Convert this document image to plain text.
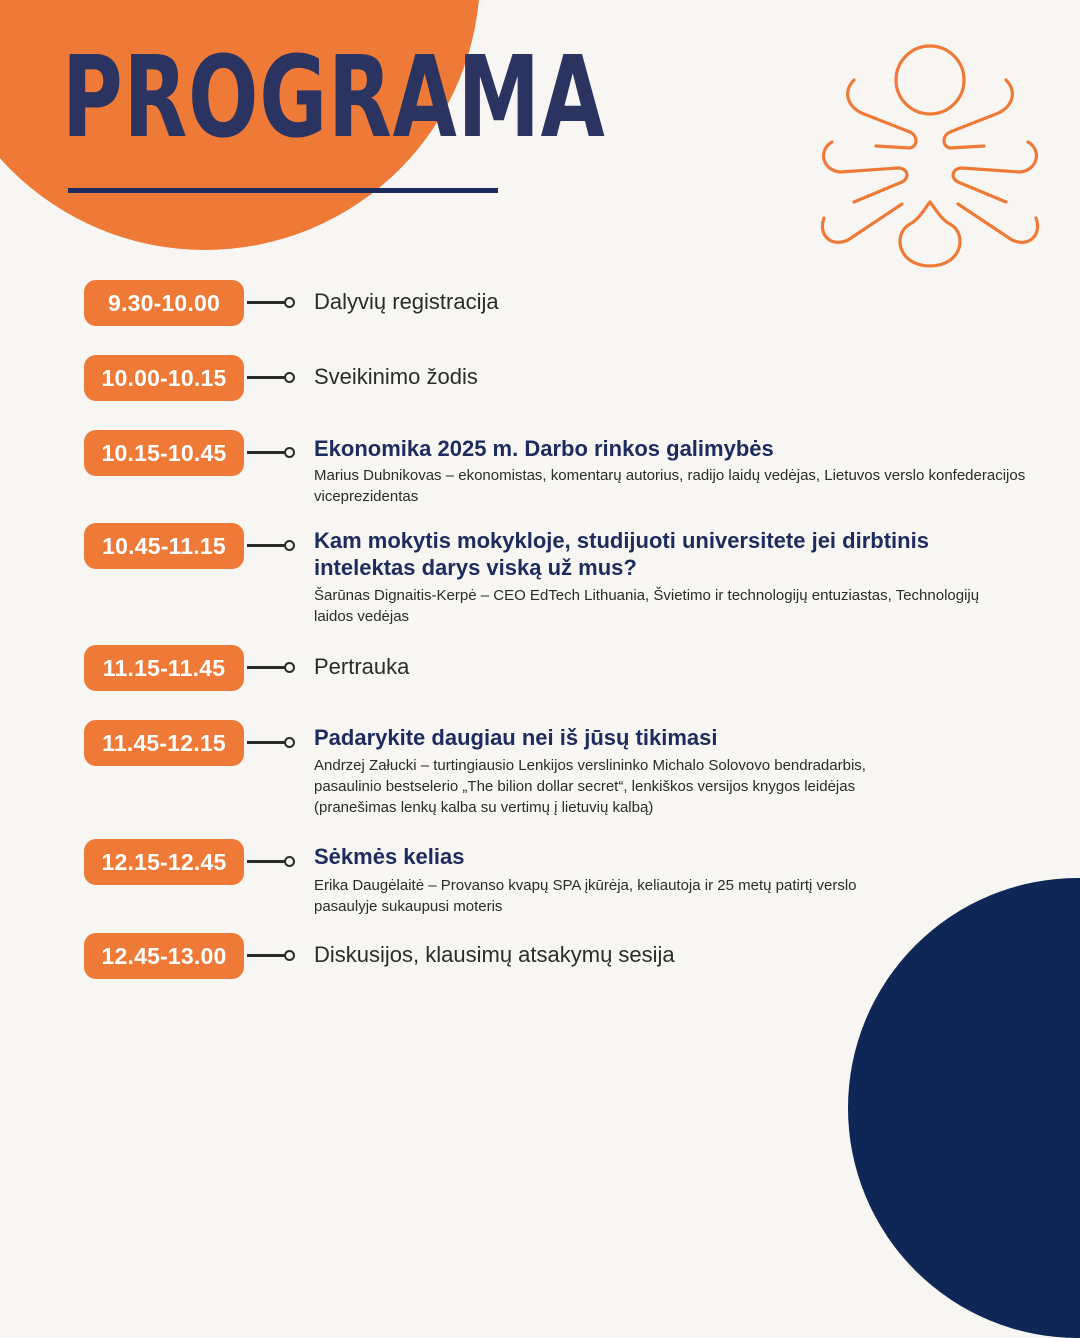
PROGRAMA
9.30-10.00	Dalyvių registracija
10.00-10.15	Sveikinimo žodis
10.15-10.45	Ekonomika 2025 m. Darbo rinkos galimybės
Marius Dubnikovas – ekonomistas, komentarų autorius, radijo laidų vedėjas, Lietuvos verslo konfederacijos viceprezidentas
10.45-11.15	Kam mokytis mokykloje, studijuoti universitete jei dirbtinis intelektas darys viską už mus?
Šarūnas Dignaitis-Kerpė – CEO EdTech Lithuania, Švietimo ir technologijų entuziastas, Technologijų laidos vedėjas
11.15-11.45	Pertrauka
11.45-12.15	Padarykite daugiau nei iš jūsų tikimasi
Andrzej Załucki – turtingiausio Lenkijos verslininko Michalo Solovovo bendradarbis, pasaulinio bestselerio „The bilion dollar secret“, lenkiškos versijos knygos leidėjas (pranešimas lenkų kalba su vertimų į lietuvių kalbą)
12.15-12.45	Sėkmės kelias
Erika Daugėlaitė – Provanso kvapų SPA įkūrėja, keliautoja ir 25 metų patirtį verslo pasaulyje sukaupusi moteris
12.45-13.00	Diskusijos, klausimų atsakymų sesija
